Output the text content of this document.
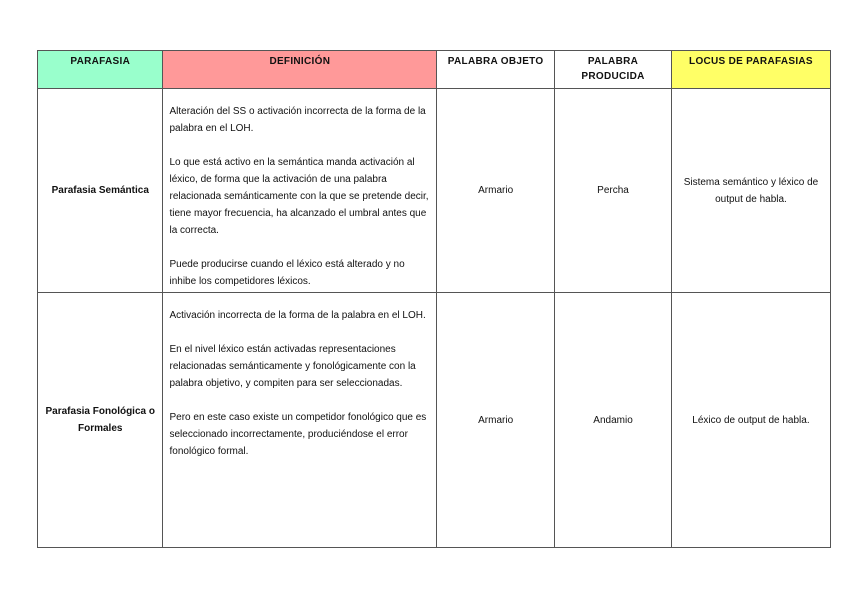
PARAFASIA	DEFINICIÓN	PALABRA OBJETO	PALABRA PRODUCIDA	LOCUS DE PARAFASIAS
Parafasia Semántica	Alteración del SS o activación incorrecta de la forma de la palabra en el LOH.

Lo que está activo en la semántica manda activación al léxico, de forma que la activación de una palabra relacionada semánticamente con la que se pretende decir, tiene mayor frecuencia, ha alcanzado el umbral antes que la correcta.

Puede producirse cuando el léxico está alterado y no inhibe los competidores léxicos.	Armario	Percha	Sistema semántico y léxico de output de habla.
Parafasia Fonológica o Formales	Activación incorrecta de la forma de la palabra en el LOH.

En el nivel léxico están activadas representaciones relacionadas semánticamente y fonológicamente con la palabra objetivo, y compiten para ser seleccionadas.

Pero en este caso existe un competidor fonológico que es seleccionado incorrectamente, produciéndose el error fonológico formal.	Armario	Andamio	Léxico de output de habla.
